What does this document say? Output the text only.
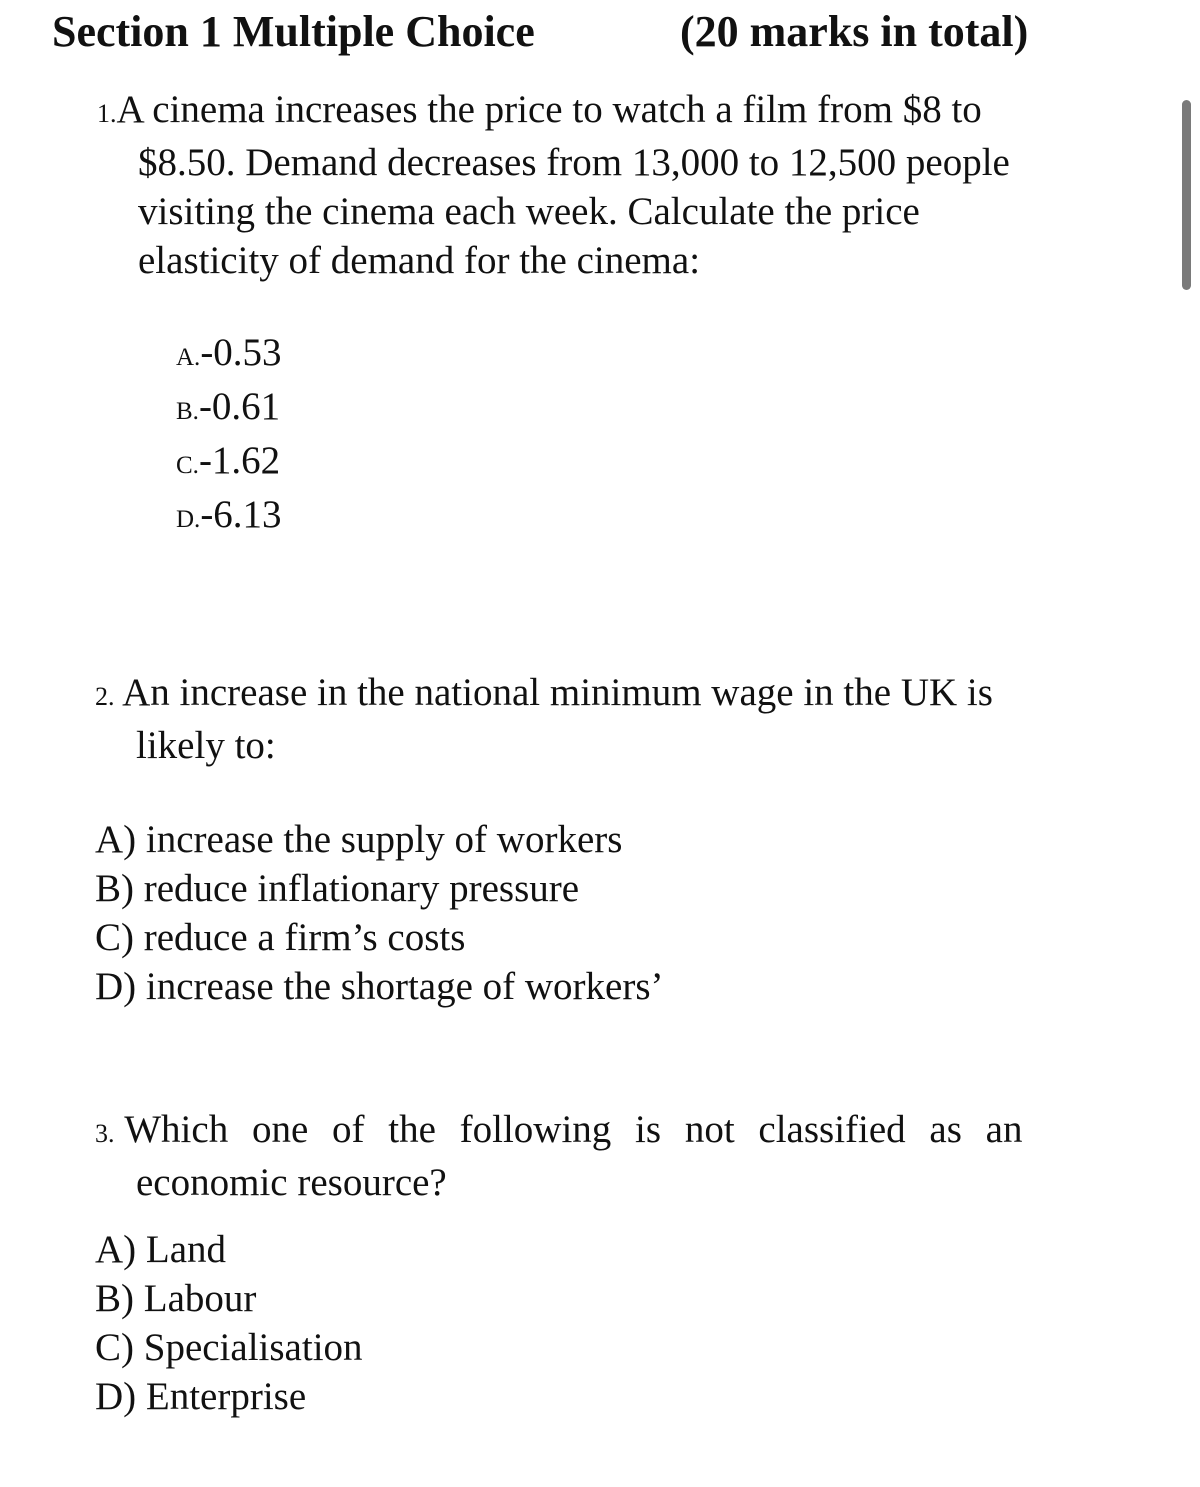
Section 1 Multiple Choice	(20 marks in total)
1.A cinema increases the price to watch a film from $8 to
$8.50. Demand decreases from 13,000 to 12,500 people
visiting the cinema each week. Calculate the price
elasticity of demand for the cinema:
A.-0.53
B.-0.61
C.-1.62
D.-6.13
2. An increase in the national minimum wage in the UK is
likely to:
A) increase the supply of workers
B) reduce inflationary pressure
C) reduce a firm’s costs
D) increase the shortage of workers’
3. Which one of the following is not classified as an
economic resource?
A) Land
B) Labour
C) Specialisation
D) Enterprise
